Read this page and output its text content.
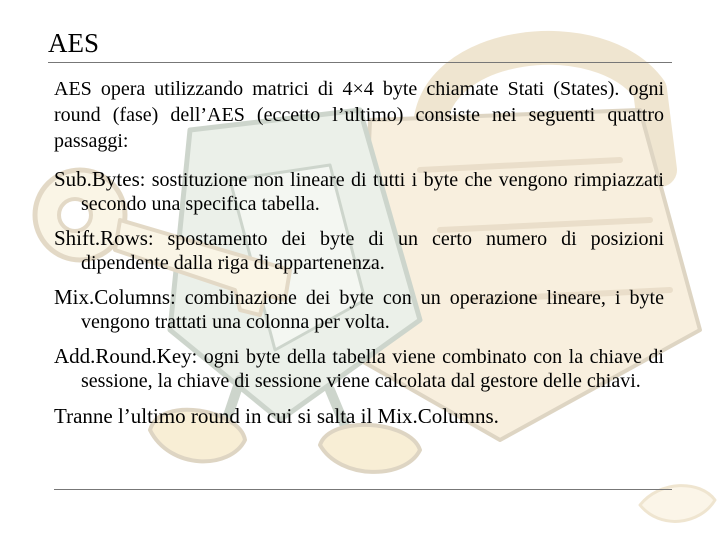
AES

AES opera utilizzando matrici di 4×4 byte chiamate Stati (States). ogni round (fase) dell’AES (eccetto l’ultimo) consiste nei seguenti quattro passaggi:

Sub.Bytes: sostituzione non lineare di tutti i byte che vengono rimpiazzati secondo una specifica tabella.

Shift.Rows: spostamento dei byte di un certo numero di posizioni dipendente dalla riga di appartenenza.

Mix.Columns: combinazione dei byte con un operazione lineare, i byte vengono trattati una colonna per volta.

Add.Round.Key: ogni byte della tabella viene combinato con la chiave di sessione, la chiave di sessione viene calcolata dal gestore delle chiavi.

Tranne l’ultimo round in cui si salta il Mix.Columns.
